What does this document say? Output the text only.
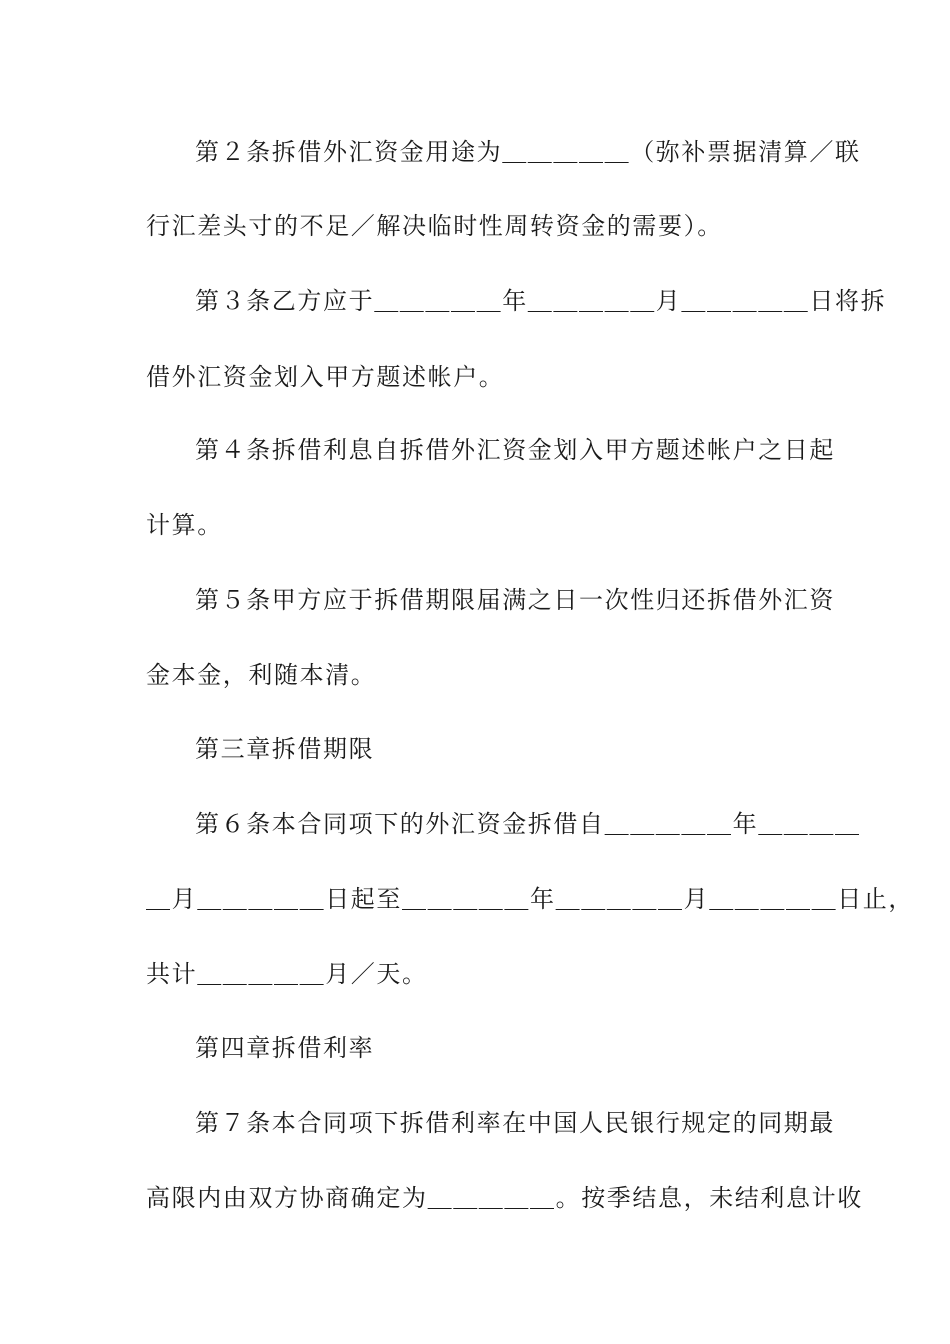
第２条拆借外汇资金用途为＿＿＿＿＿（弥补票据清算／联
行汇差头寸的不足／解决临时性周转资金的需要）。
第３条乙方应于＿＿＿＿＿年＿＿＿＿＿月＿＿＿＿＿日将拆
借外汇资金划入甲方题述帐户。
第４条拆借利息自拆借外汇资金划入甲方题述帐户之日起
计算。
第５条甲方应于拆借期限届满之日一次性归还拆借外汇资
金本金，利随本清。
第三章拆借期限
第６条本合同项下的外汇资金拆借自＿＿＿＿＿年＿＿＿＿
＿月＿＿＿＿＿日起至＿＿＿＿＿年＿＿＿＿＿月＿＿＿＿＿日止，
共计＿＿＿＿＿月／天。
第四章拆借利率
第７条本合同项下拆借利率在中国人民银行规定的同期最
高限内由双方协商确定为＿＿＿＿＿。按季结息，未结利息计收
